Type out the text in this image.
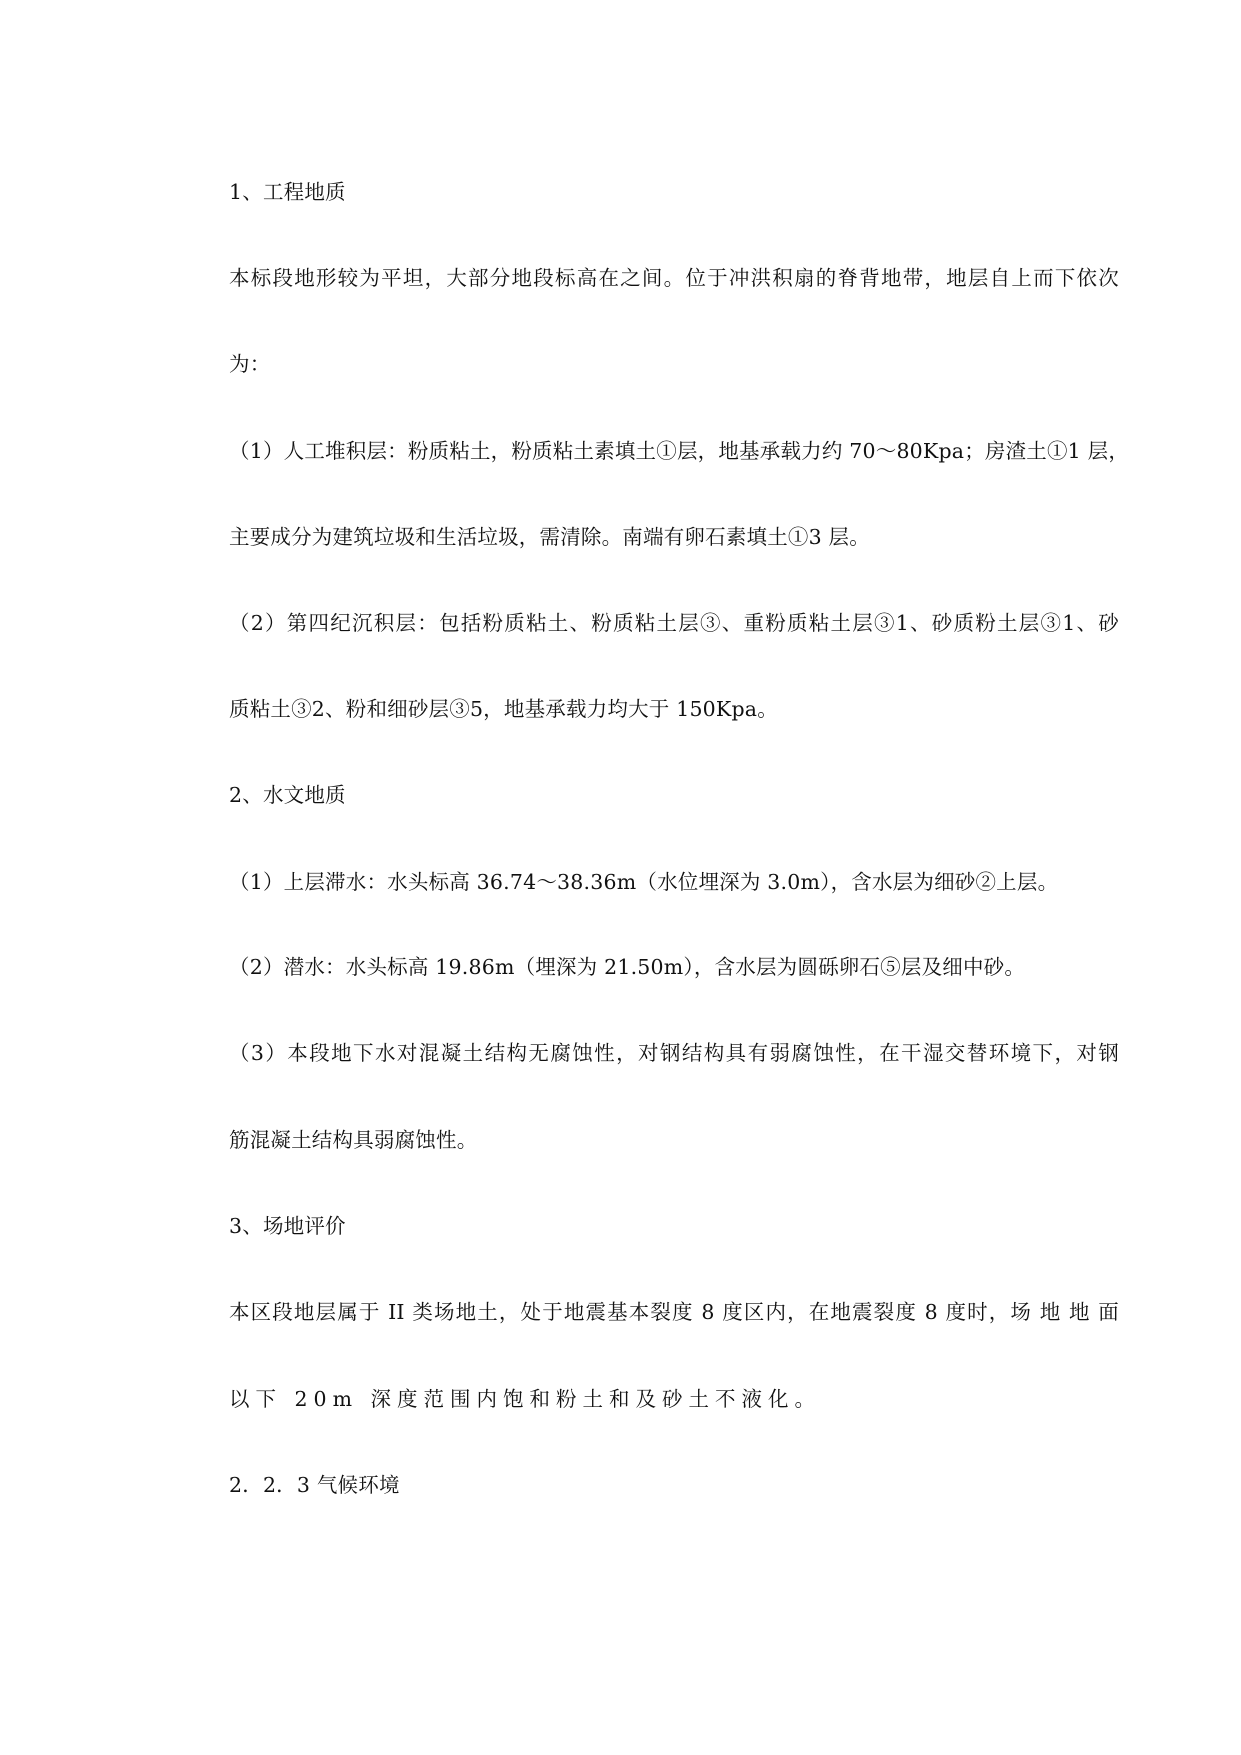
1、工程地质
本标段地形较为平坦，大部分地段标高在之间。位于冲洪积扇的脊背地带，地层自上而下依次
为：
（1）人工堆积层：粉质粘土，粉质粘土素填土①层，地基承载力约 70～80Kpa；房渣土①1 层，
主要成分为建筑垃圾和生活垃圾，需清除。南端有卵石素填土①3 层。
（2）第四纪沉积层：包括粉质粘土、粉质粘土层③、重粉质粘土层③1、砂质粉土层③1、砂
质粘土③2、粉和细砂层③5，地基承载力均大于 150Kpa。
2、水文地质
（1）上层滞水：水头标高 36.74～38.36m（水位埋深为 3.0m），含水层为细砂②上层。
（2）潜水：水头标高 19.86m（埋深为 21.50m），含水层为圆砾卵石⑤层及细中砂。
（3）本段地下水对混凝土结构无腐蚀性，对钢结构具有弱腐蚀性，在干湿交替环境下，对钢
筋混凝土结构具弱腐蚀性。
3、场地评价
本区段地层属于 II 类场地土，处于地震基本裂度 8 度区内，在地震裂度 8 度时，场 地 地 面
以下 20m 深度范围内饱和粉土和及砂土不液化。
2．2．3 气候环境
